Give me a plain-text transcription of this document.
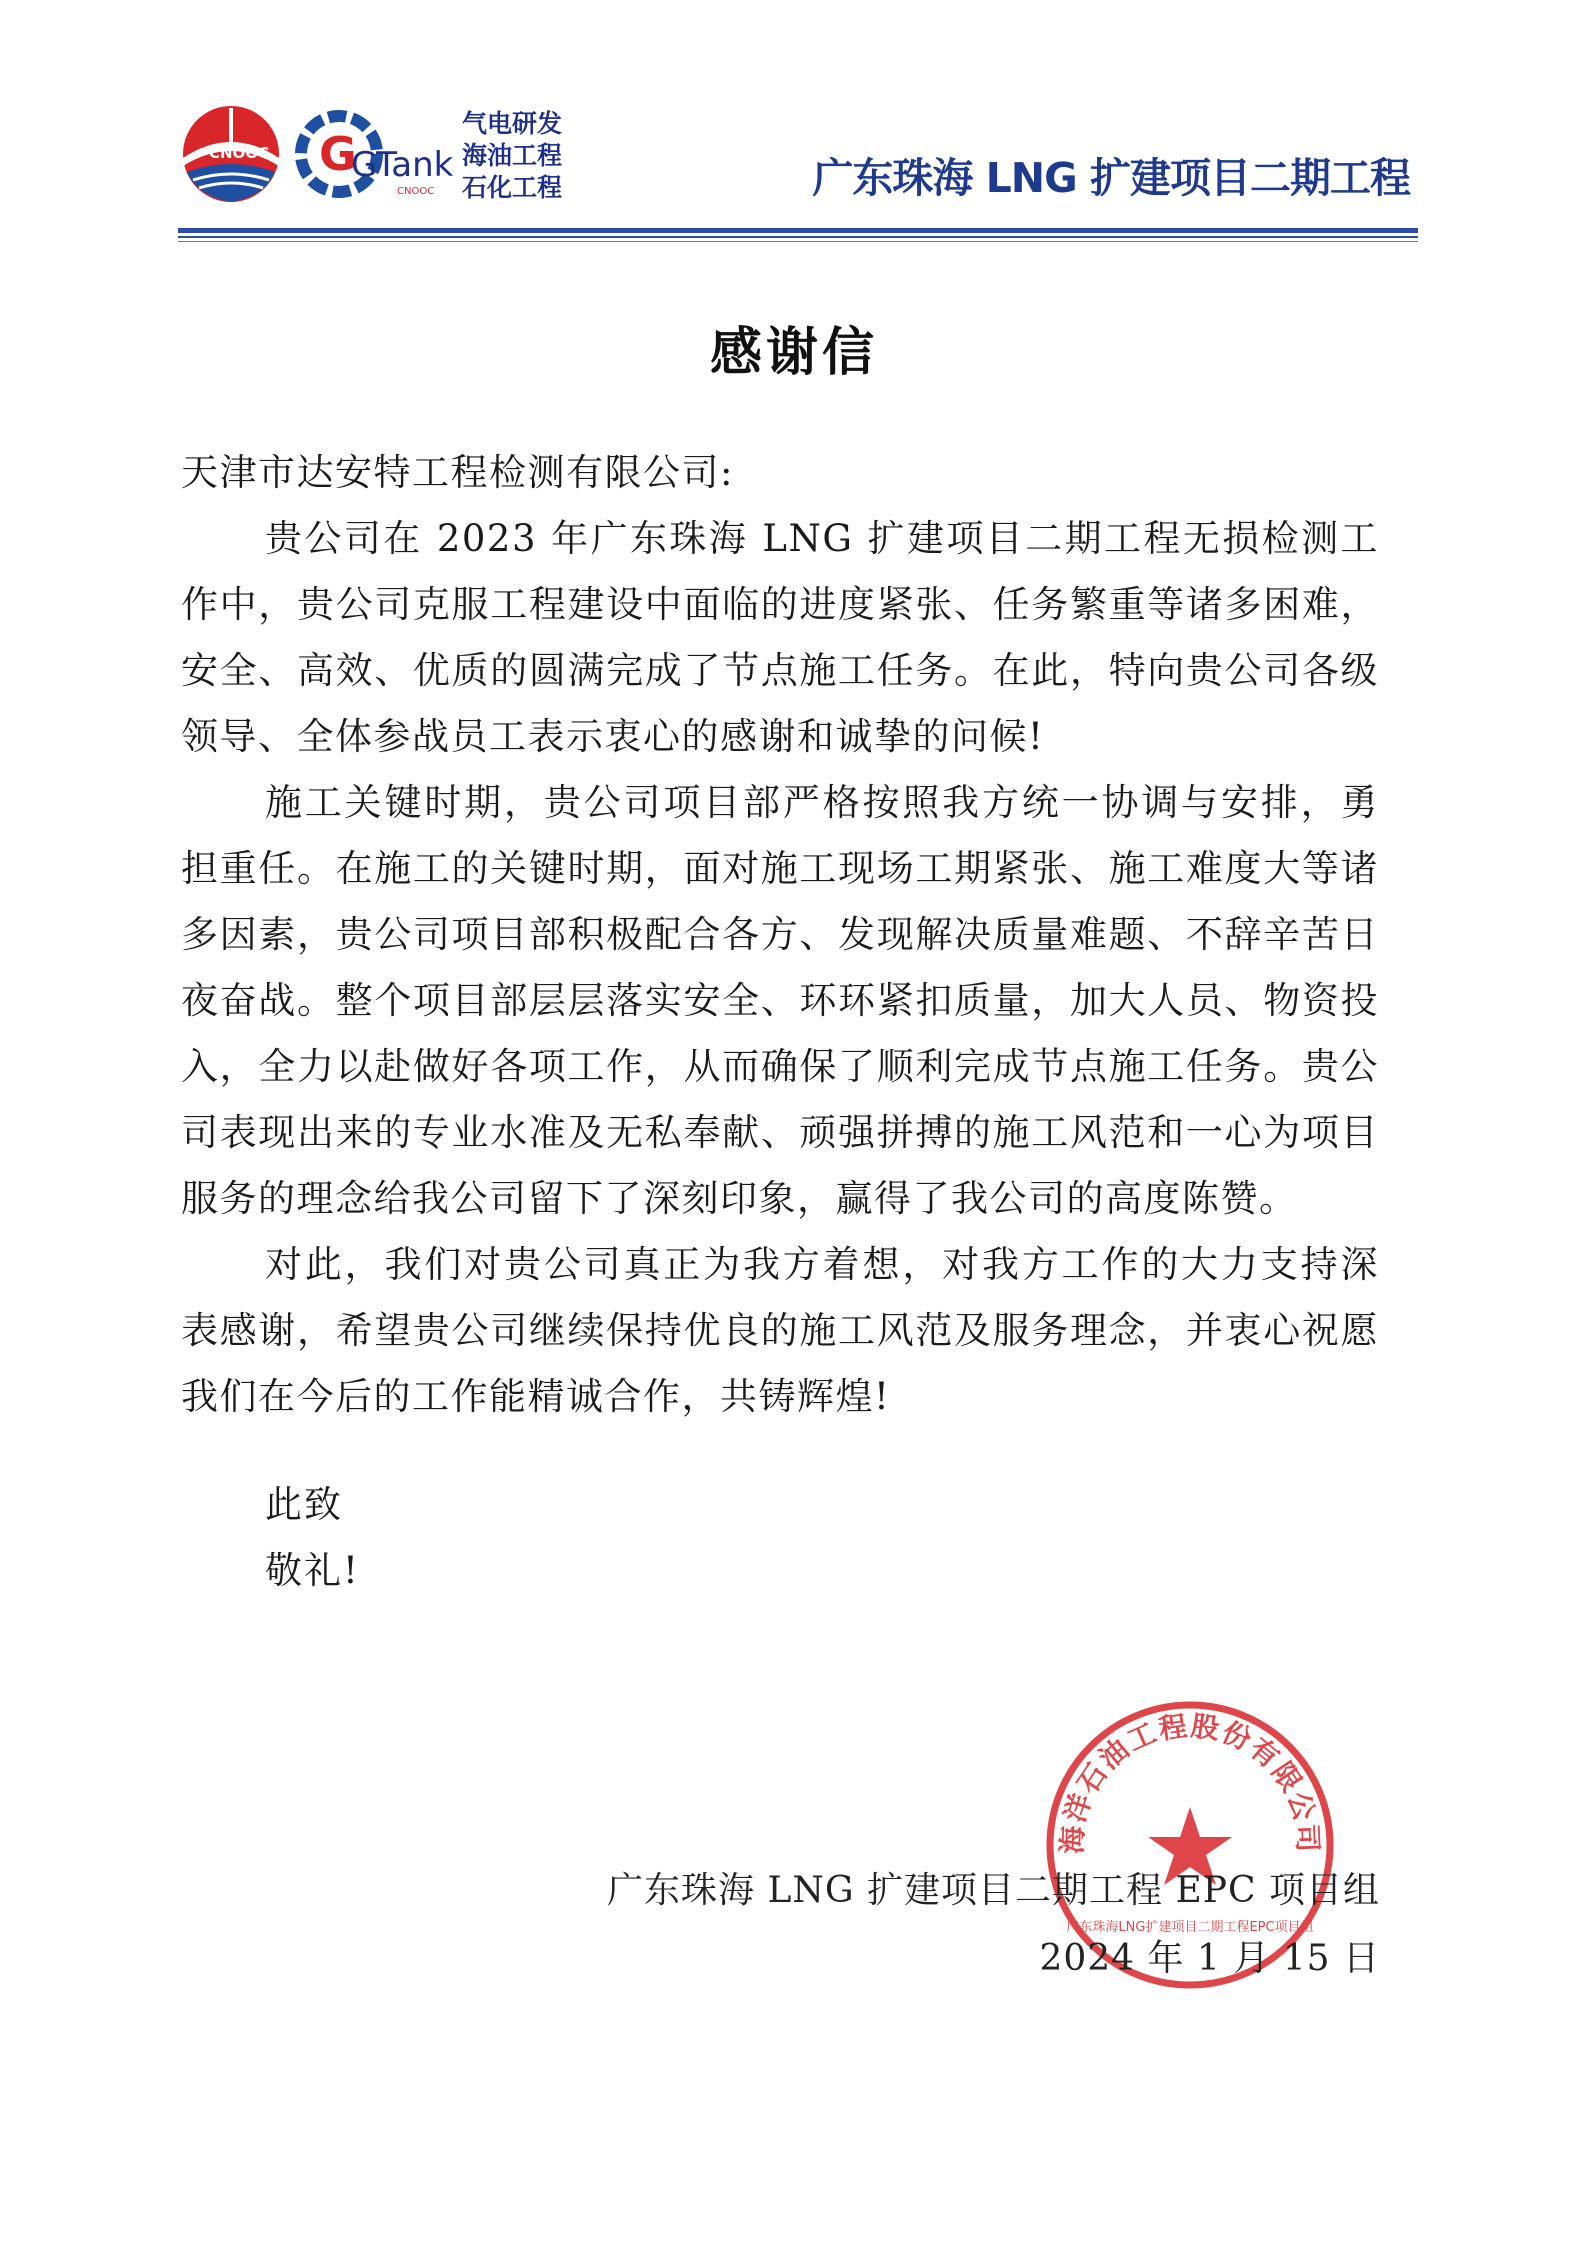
CNOOC G
GTank
CNOOC
气电研发
海油工程
石化工程	广东珠海 LNG 扩建项目二期工程
感谢信

天津市达安特工程检测有限公司:

贵公司在 2023 年广东珠海 LNG 扩建项目二期工程无损检测工作中，贵公司克服工程建设中面临的进度紧张、任务繁重等诸多困难，安全、高效、优质的圆满完成了节点施工任务。在此，特向贵公司各级领导、全体参战员工表示衷心的感谢和诚挚的问候!

施工关键时期，贵公司项目部严格按照我方统一协调与安排，勇担重任。在施工的关键时期，面对施工现场工期紧张、施工难度大等诸多因素，贵公司项目部积极配合各方、发现解决质量难题、不辞辛苦日夜奋战。整个项目部层层落实安全、环环紧扣质量，加大人员、物资投入，全力以赴做好各项工作，从而确保了顺利完成节点施工任务。贵公司表现出来的专业水准及无私奉献、顽强拼搏的施工风范和一心为项目服务的理念给我公司留下了深刻印象，赢得了我公司的高度陈赞。

对此，我们对贵公司真正为我方着想，对我方工作的大力支持深表感谢，希望贵公司继续保持优良的施工风范及服务理念，并衷心祝愿我们在今后的工作能精诚合作，共铸辉煌!

此致
敬礼!
海洋石油工程股份有限公司
广东珠海LNG扩建项目二期工程EPC项目组
广东珠海 LNG 扩建项目二期工程 EPC 项目组
2024 年 1 月 15 日
